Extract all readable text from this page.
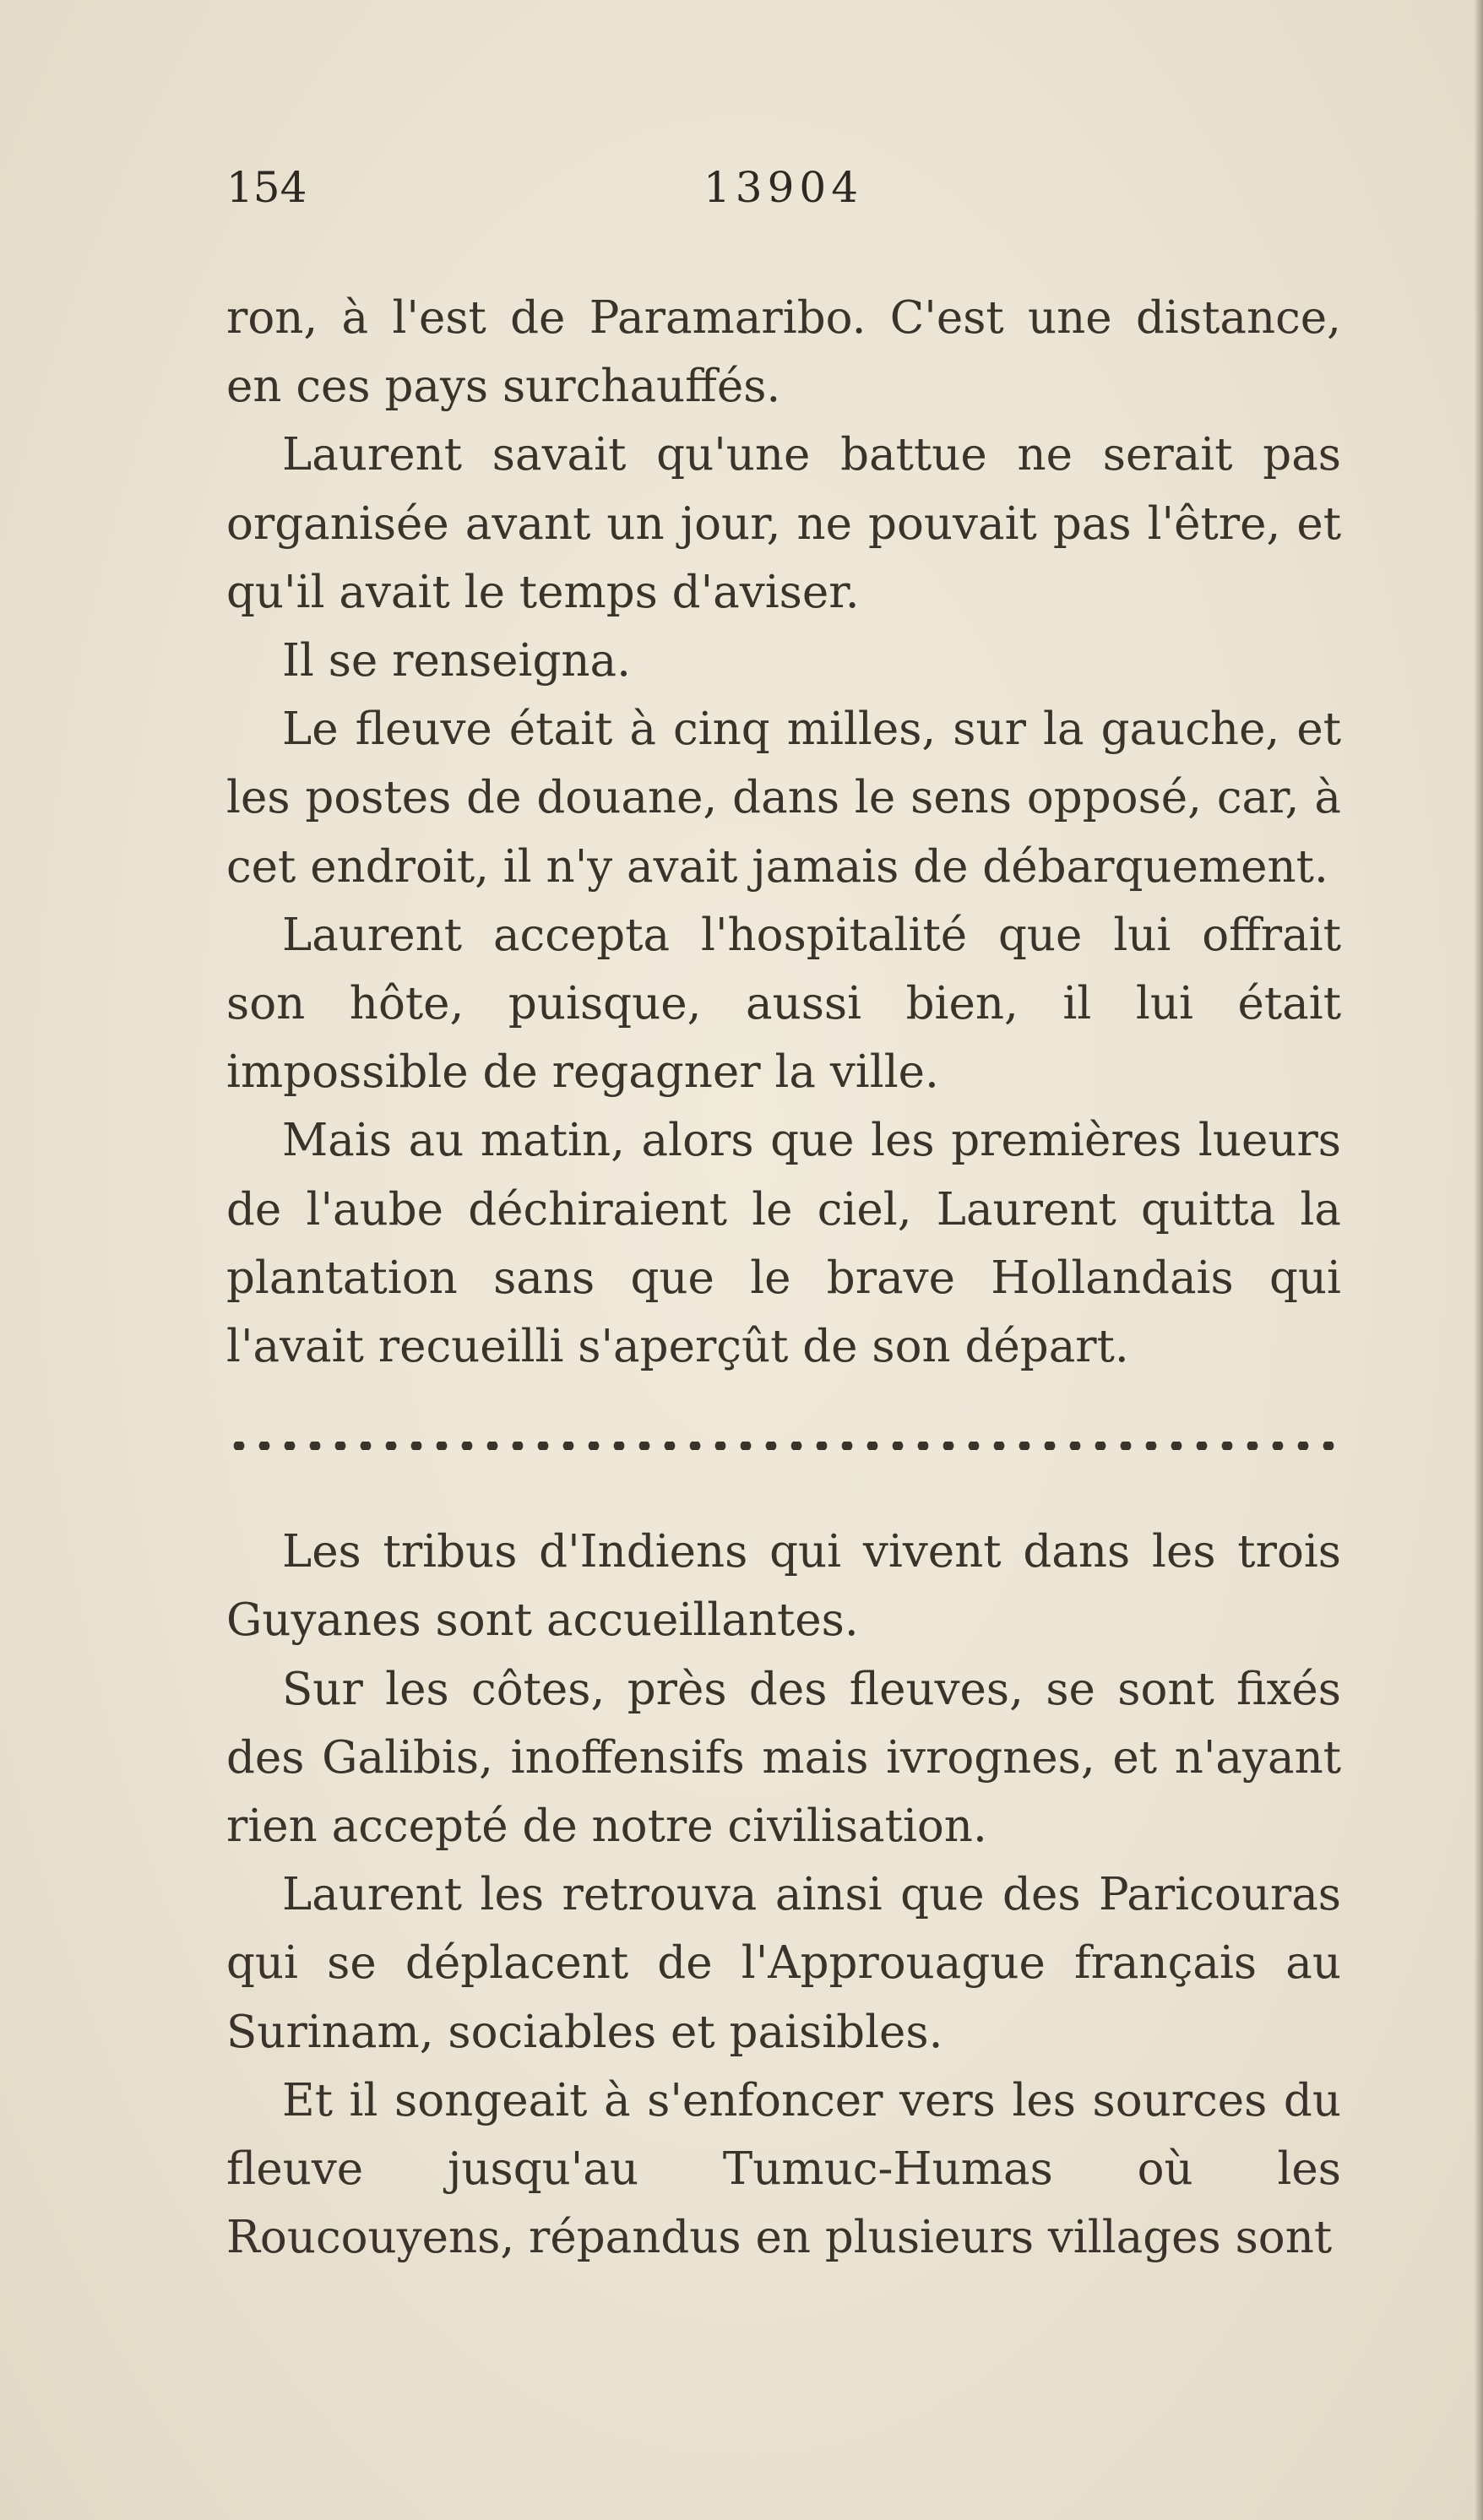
154	13904

ron, à l'est de Paramaribo. C'est une distance, en ces pays surchauffés.

Laurent savait qu'une battue ne serait pas organisée avant un jour, ne pouvait pas l'être, et qu'il avait le temps d'aviser.

Il se renseigna.

Le fleuve était à cinq milles, sur la gauche, et les postes de douane, dans le sens opposé, car, à cet endroit, il n'y avait jamais de débarquement.

Laurent accepta l'hospitalité que lui offrait son hôte, puisque, aussi bien, il lui était impossible de regagner la ville.

Mais au matin, alors que les premières lueurs de l'aube déchiraient le ciel, Laurent quitta la plantation sans que le brave Hollandais qui l'avait recueilli s'aperçût de son départ.

Les tribus d'Indiens qui vivent dans les trois Guyanes sont accueillantes.

Sur les côtes, près des fleuves, se sont fixés des Galibis, inoffensifs mais ivrognes, et n'ayant rien accepté de notre civilisation.

Laurent les retrouva ainsi que des Paricouras qui se déplacent de l'Approuague français au Surinam, sociables et paisibles.

Et il songeait à s'enfoncer vers les sources du fleuve jusqu'au Tumuc-Humas où les Roucouyens, répandus en plusieurs villages sont
